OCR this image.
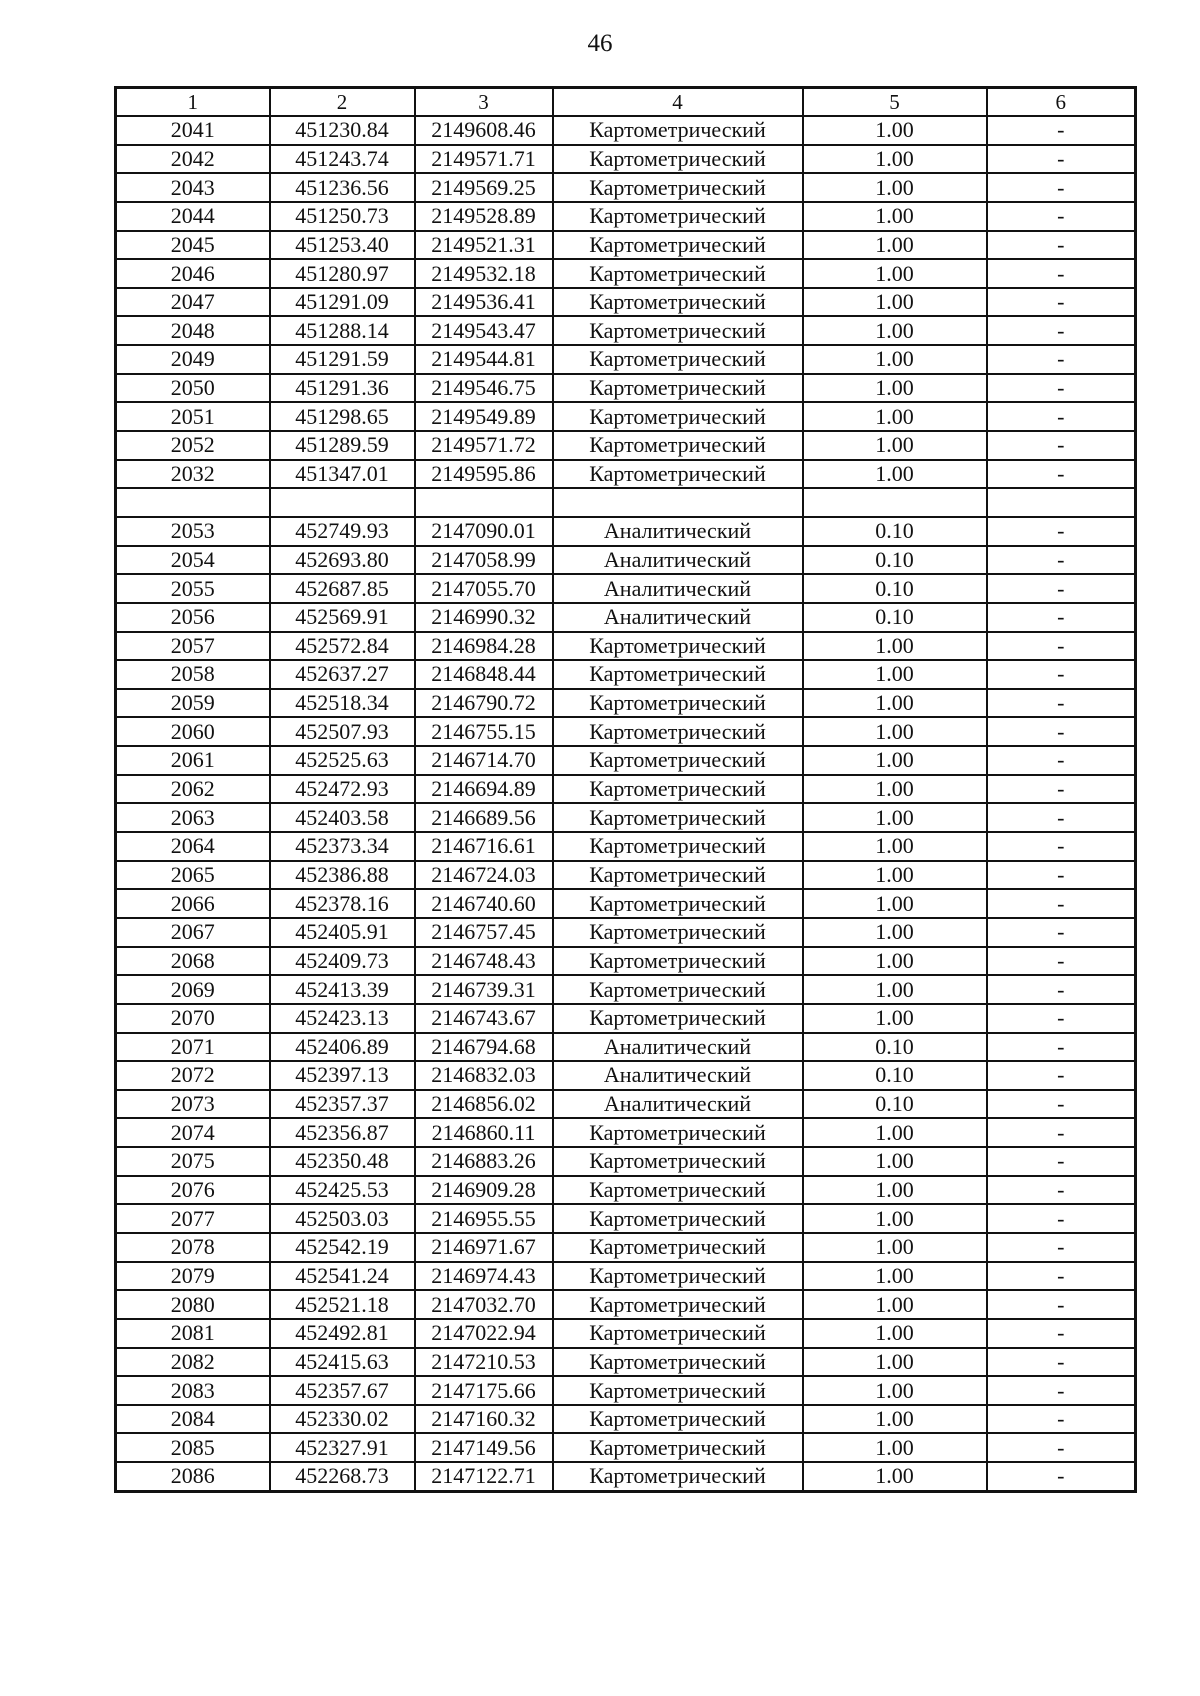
46
1	2	3	4	5	6
2041	451230.84	2149608.46	Картометрический	1.00	-
2042	451243.74	2149571.71	Картометрический	1.00	-
2043	451236.56	2149569.25	Картометрический	1.00	-
2044	451250.73	2149528.89	Картометрический	1.00	-
2045	451253.40	2149521.31	Картометрический	1.00	-
2046	451280.97	2149532.18	Картометрический	1.00	-
2047	451291.09	2149536.41	Картометрический	1.00	-
2048	451288.14	2149543.47	Картометрический	1.00	-
2049	451291.59	2149544.81	Картометрический	1.00	-
2050	451291.36	2149546.75	Картометрический	1.00	-
2051	451298.65	2149549.89	Картометрический	1.00	-
2052	451289.59	2149571.72	Картометрический	1.00	-
2032	451347.01	2149595.86	Картометрический	1.00	-

2053	452749.93	2147090.01	Аналитический	0.10	-
2054	452693.80	2147058.99	Аналитический	0.10	-
2055	452687.85	2147055.70	Аналитический	0.10	-
2056	452569.91	2146990.32	Аналитический	0.10	-
2057	452572.84	2146984.28	Картометрический	1.00	-
2058	452637.27	2146848.44	Картометрический	1.00	-
2059	452518.34	2146790.72	Картометрический	1.00	-
2060	452507.93	2146755.15	Картометрический	1.00	-
2061	452525.63	2146714.70	Картометрический	1.00	-
2062	452472.93	2146694.89	Картометрический	1.00	-
2063	452403.58	2146689.56	Картометрический	1.00	-
2064	452373.34	2146716.61	Картометрический	1.00	-
2065	452386.88	2146724.03	Картометрический	1.00	-
2066	452378.16	2146740.60	Картометрический	1.00	-
2067	452405.91	2146757.45	Картометрический	1.00	-
2068	452409.73	2146748.43	Картометрический	1.00	-
2069	452413.39	2146739.31	Картометрический	1.00	-
2070	452423.13	2146743.67	Картометрический	1.00	-
2071	452406.89	2146794.68	Аналитический	0.10	-
2072	452397.13	2146832.03	Аналитический	0.10	-
2073	452357.37	2146856.02	Аналитический	0.10	-
2074	452356.87	2146860.11	Картометрический	1.00	-
2075	452350.48	2146883.26	Картометрический	1.00	-
2076	452425.53	2146909.28	Картометрический	1.00	-
2077	452503.03	2146955.55	Картометрический	1.00	-
2078	452542.19	2146971.67	Картометрический	1.00	-
2079	452541.24	2146974.43	Картометрический	1.00	-
2080	452521.18	2147032.70	Картометрический	1.00	-
2081	452492.81	2147022.94	Картометрический	1.00	-
2082	452415.63	2147210.53	Картометрический	1.00	-
2083	452357.67	2147175.66	Картометрический	1.00	-
2084	452330.02	2147160.32	Картометрический	1.00	-
2085	452327.91	2147149.56	Картометрический	1.00	-
2086	452268.73	2147122.71	Картометрический	1.00	-
